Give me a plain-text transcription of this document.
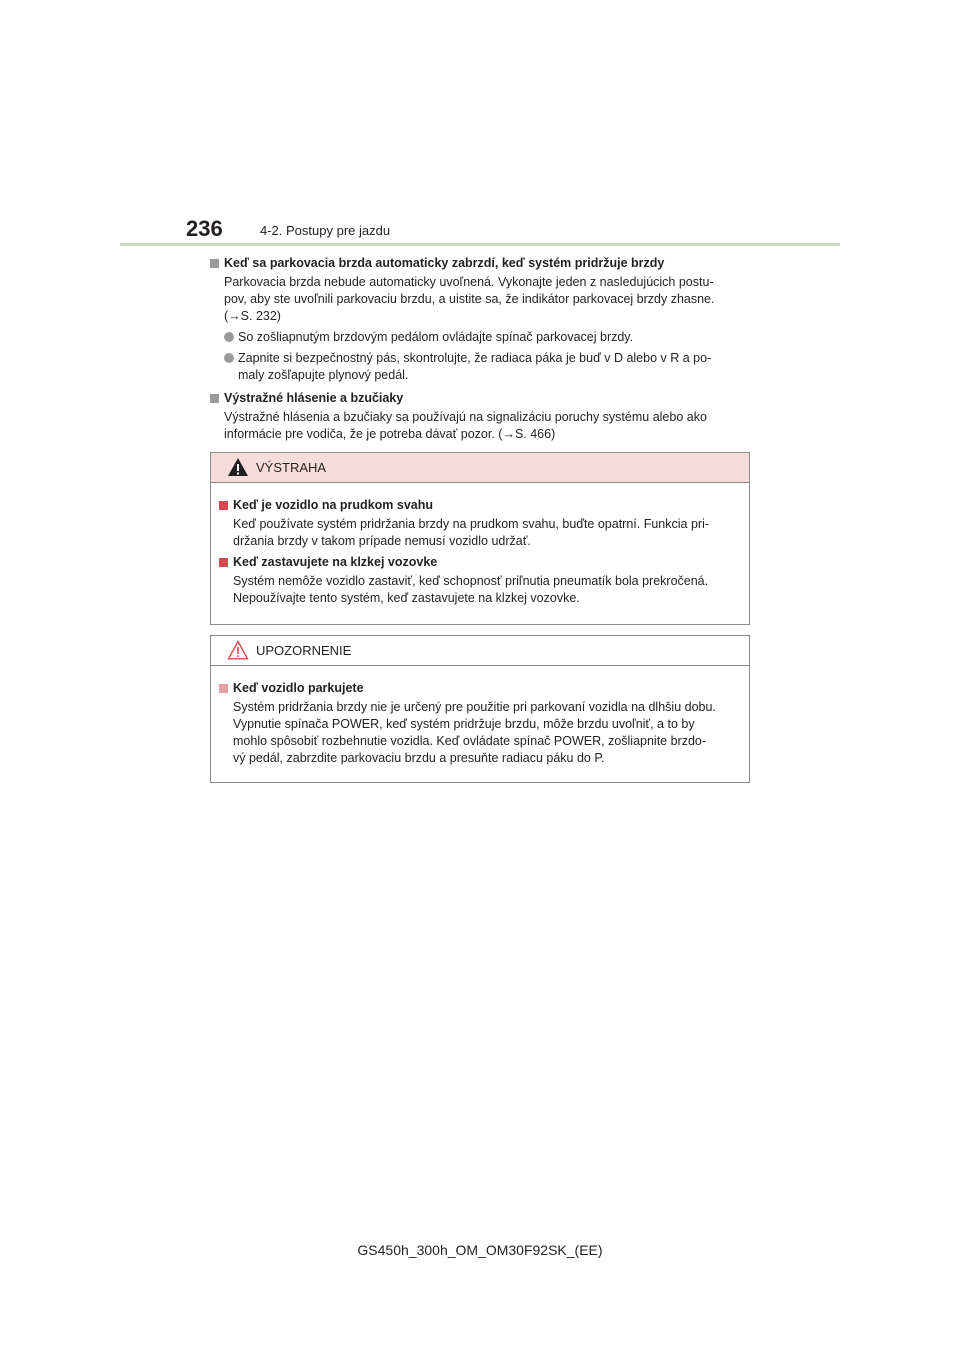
236	4-2. Postupy pre jazdu

Keď sa parkovacia brzda automaticky zabrzdí, keď systém pridržuje brzdy

Parkovacia brzda nebude automaticky uvoľnená. Vykonajte jeden z nasledujúcich postu-
pov, aby ste uvoľnili parkovaciu brzdu, a uistite sa, že indikátor parkovacej brzdy zhasne.
(→S. 232)
So zošliapnutým brzdovým pedálom ovládajte spínač parkovacej brzdy.
Zapnite si bezpečnostný pás, skontrolujte, že radiaca páka je buď v D alebo v R a po-
maly zošľapujte plynový pedál.

Výstražné hlásenie a bzučiaky

Výstražné hlásenia a bzučiaky sa používajú na signalizáciu poruchy systému alebo ako
informácie pre vodiča, že je potreba dávať pozor. (→S. 466)
VÝSTRAHA

Keď je vozidlo na prudkom svahu

Keď používate systém pridržania brzdy na prudkom svahu, buďte opatrní. Funkcia pri-
držania brzdy v takom prípade nemusí vozidlo udržať.

Keď zastavujete na klzkej vozovke

Systém nemôže vozidlo zastaviť, keď schopnosť priľnutia pneumatík bola prekročená.
Nepoužívajte tento systém, keď zastavujete na klzkej vozovke.
UPOZORNENIE

Keď vozidlo parkujete

Systém pridržania brzdy nie je určený pre použitie pri parkovaní vozidla na dlhšiu dobu.
Vypnutie spínača POWER, keď systém pridržuje brzdu, môže brzdu uvoľniť, a to by
mohlo spôsobiť rozbehnutie vozidla. Keď ovládate spínač POWER, zošliapnite brzdo-
vý pedál, zabrzdite parkovaciu brzdu a presuňte radiacu páku do P.
GS450h_300h_OM_OM30F92SK_(EE)
